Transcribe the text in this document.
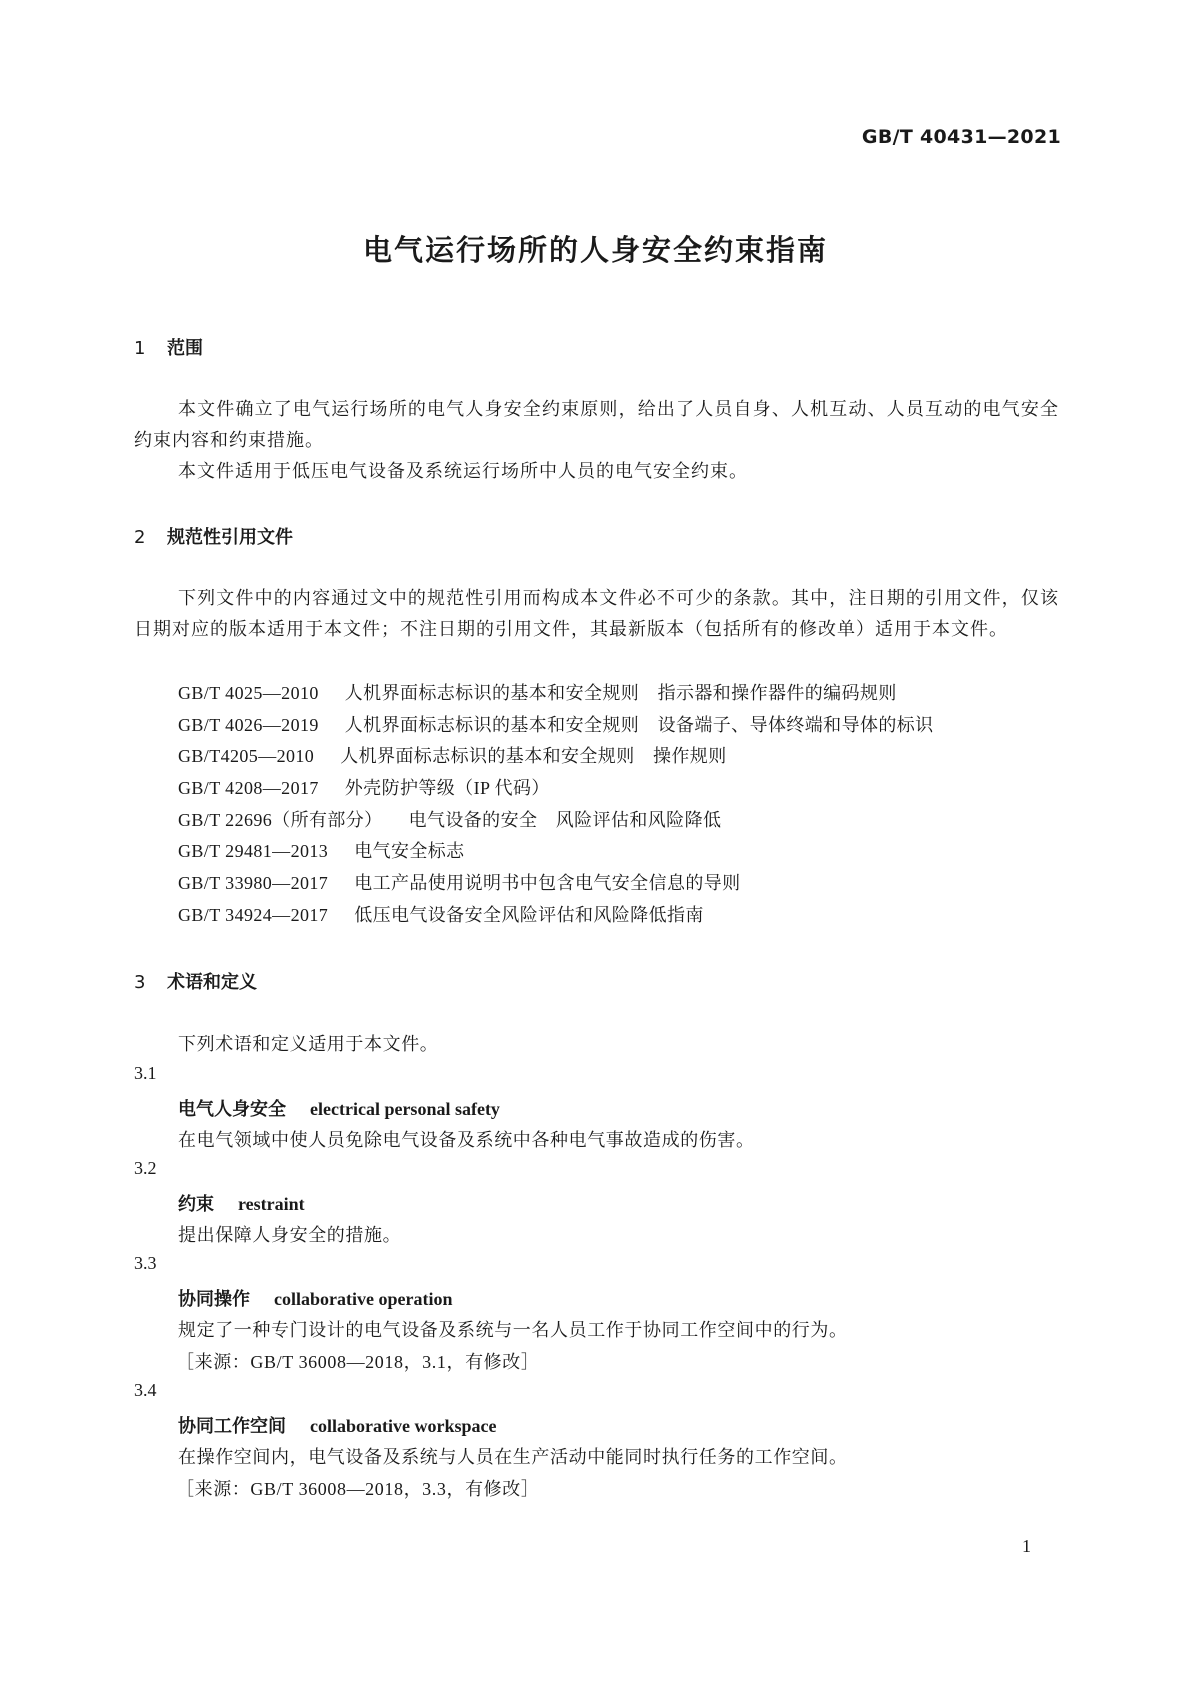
GB/T 40431—2021
电气运行场所的人身安全约束指南
1 范围
本文件确立了电气运行场所的电气人身安全约束原则，给出了人员自身、人机互动、人员互动的电气安全约束内容和约束措施。
本文件适用于低压电气设备及系统运行场所中人员的电气安全约束。
2 规范性引用文件
下列文件中的内容通过文中的规范性引用而构成本文件必不可少的条款。其中，注日期的引用文件，仅该日期对应的版本适用于本文件；不注日期的引用文件，其最新版本（包括所有的修改单）适用于本文件。
GB/T 4025—2010 人机界面标志标识的基本和安全规则　指示器和操作器件的编码规则
GB/T 4026—2019 人机界面标志标识的基本和安全规则　设备端子、导体终端和导体的标识
GB/T4205—2010 人机界面标志标识的基本和安全规则　操作规则
GB/T 4208—2017 外壳防护等级（IP 代码）
GB/T 22696（所有部分） 电气设备的安全　风险评估和风险降低
GB/T 29481—2013 电气安全标志
GB/T 33980—2017 电工产品使用说明书中包含电气安全信息的导则
GB/T 34924—2017 低压电气设备安全风险评估和风险降低指南
3 术语和定义
下列术语和定义适用于本文件。
3.1
电气人身安全 electrical personal safety
在电气领域中使人员免除电气设备及系统中各种电气事故造成的伤害。
3.2
约束 restraint
提出保障人身安全的措施。
3.3
协同操作 collaborative operation
规定了一种专门设计的电气设备及系统与一名人员工作于协同工作空间中的行为。
［来源：GB/T 36008—2018，3.1，有修改］
3.4
协同工作空间 collaborative workspace
在操作空间内，电气设备及系统与人员在生产活动中能同时执行任务的工作空间。
［来源：GB/T 36008—2018，3.3，有修改］
1
